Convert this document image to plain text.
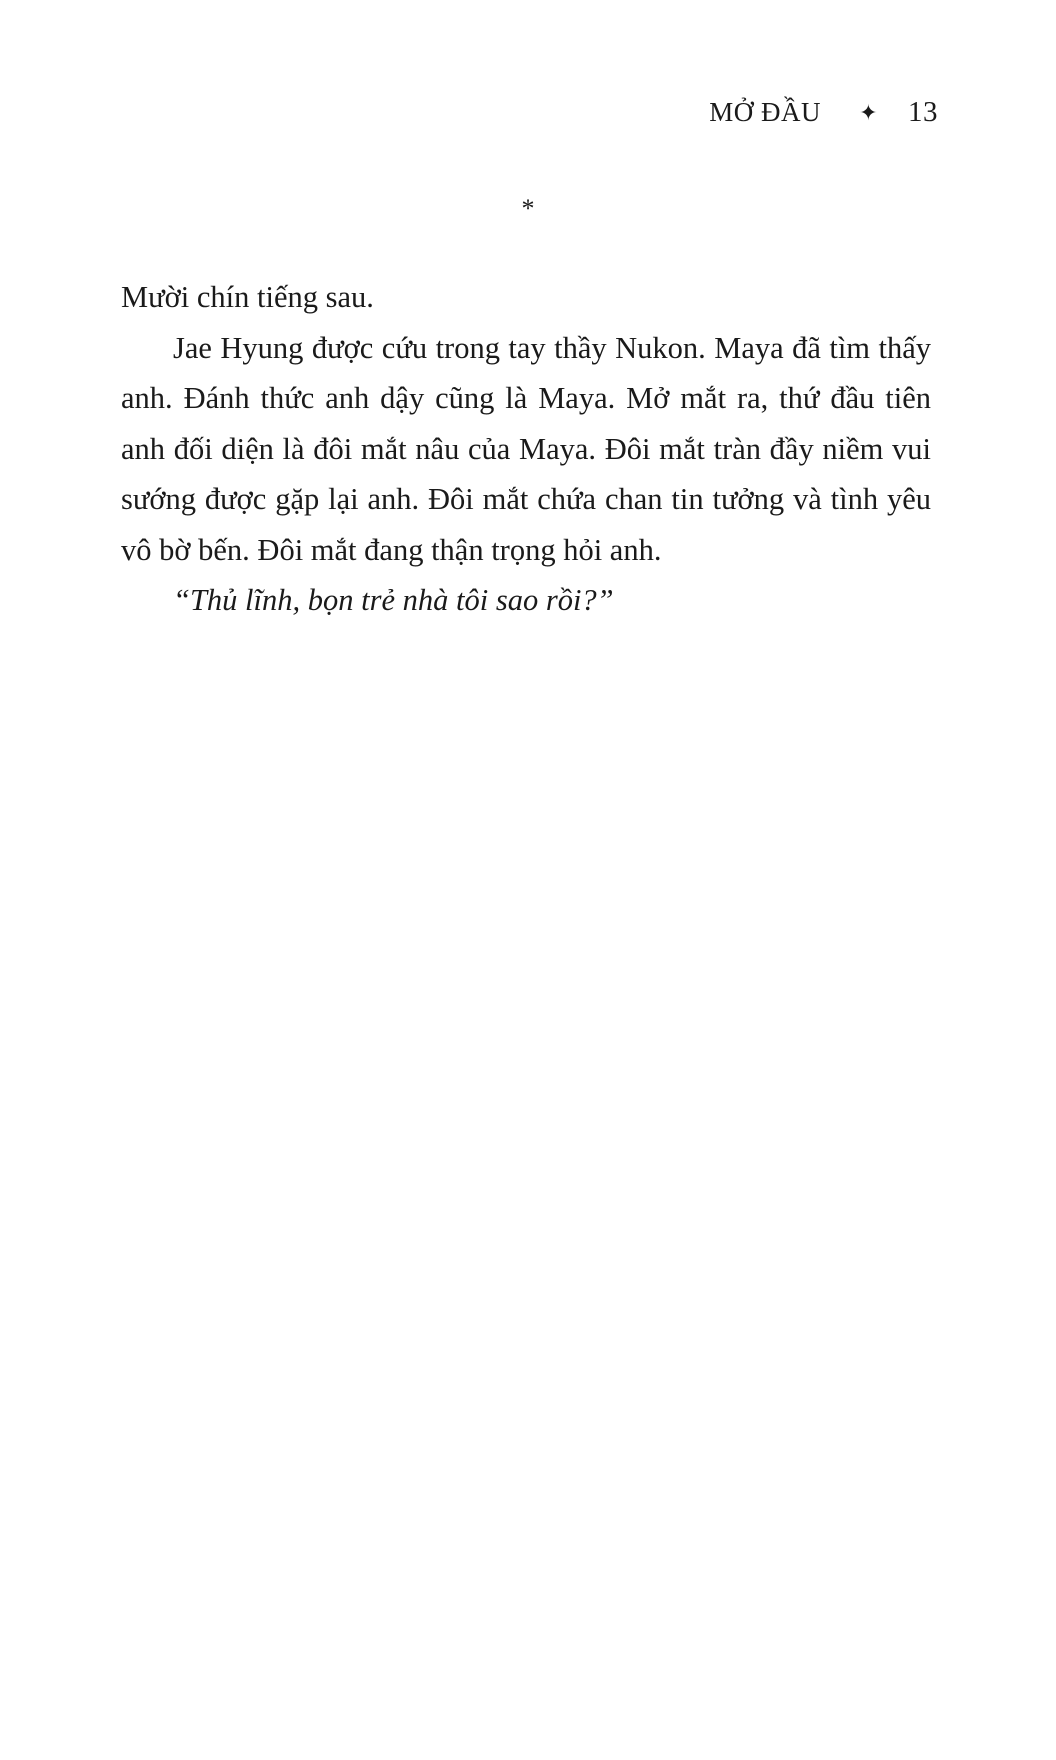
MỞ ĐẦU ✦ 13
*

Mười chín tiếng sau.

Jae Hyung được cứu trong tay thầy Nukon. Maya đã tìm thấy anh. Đánh thức anh dậy cũng là Maya. Mở mắt ra, thứ đầu tiên anh đối diện là đôi mắt nâu của Maya. Đôi mắt tràn đầy niềm vui sướng được gặp lại anh. Đôi mắt chứa chan tin tưởng và tình yêu vô bờ bến. Đôi mắt đang thận trọng hỏi anh.

“Thủ lĩnh, bọn trẻ nhà tôi sao rồi?”
